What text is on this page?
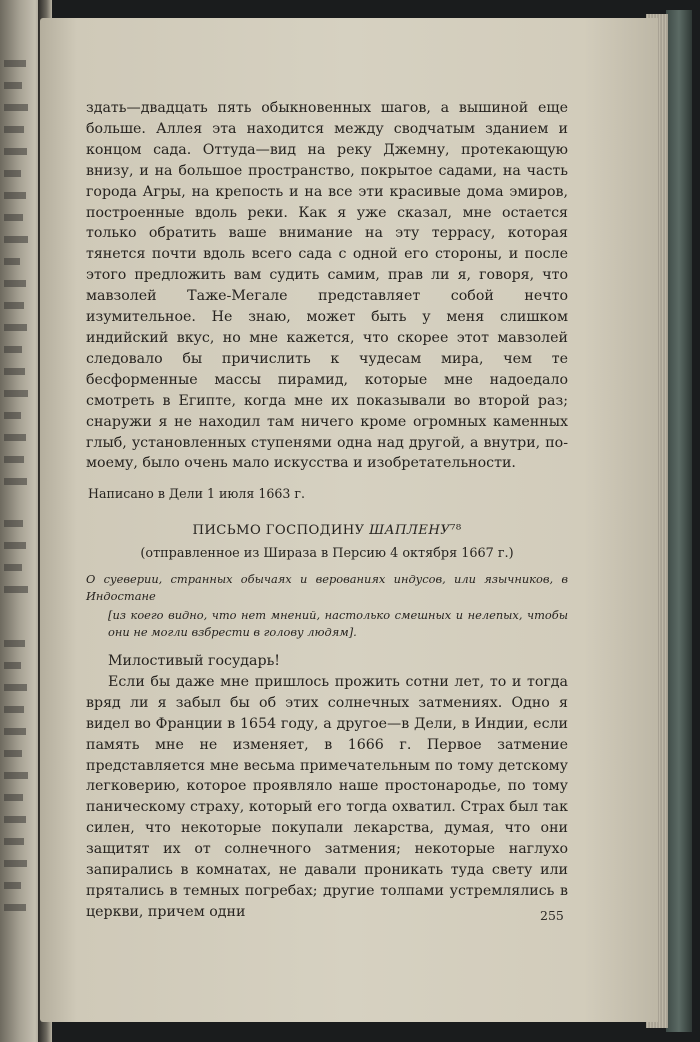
здать—двадцать пять обыкновенных шагов, а вышиной еще больше. Аллея эта находится между сводчатым зданием и концом сада. Оттуда—вид на реку Джемну, протекающую внизу, и на большое пространство, покрытое садами, на часть города Агры, на крепость и на все эти красивые дома эмиров, построенные вдоль реки. Как я уже сказал, мне остается только обратить ваше внимание на эту террасу, которая тянется почти вдоль всего сада с одной его стороны, и после этого предложить вам судить самим, прав ли я, говоря, что мавзолей Таже-Мегале представляет собой нечто изумительное. Не знаю, может быть у меня слишком индийский вкус, но мне кажется, что скорее этот мавзолей следовало бы причислить к чудесам мира, чем те бесформенные массы пирамид, которые мне надоедало смотреть в Египте, когда мне их показывали во второй раз; снаружи я не находил там ничего кроме огромных каменных глыб, установленных ступенями одна над другой, а внутри, по-моему, было очень мало искусства и изобретательности.

Написано в Дели 1 июля 1663 г.

ПИСЬМО ГОСПОДИНУ ШАПЛЕНУ⁷⁸

(отправленное из Шираза в Персию 4 октября 1667 г.)

О суеверии, странных обычаях и верованиях индусов, или язычников, в Индостане

[из коего видно, что нет мнений, настолько смешных и нелепых, чтобы они не могли взбрести в голову людям].

Милостивый государь!

Если бы даже мне пришлось прожить сотни лет, то и тогда вряд ли я забыл бы об этих солнечных затмениях. Одно я видел во Франции в 1654 году, а другое—в Дели, в Индии, если память мне не изменяет, в 1666 г. Первое затмение представляется мне весьма примечательным по тому детскому легковерию, которое проявляло наше простонародье, по тому паническому страху, который его тогда охватил. Страх был так силен, что некоторые покупали лекарства, думая, что они защитят их от солнечного затмения; некоторые наглухо запирались в комнатах, не давали проникать туда свету или прятались в темных погребах; другие толпами устремлялись в церкви, причем одни	255
